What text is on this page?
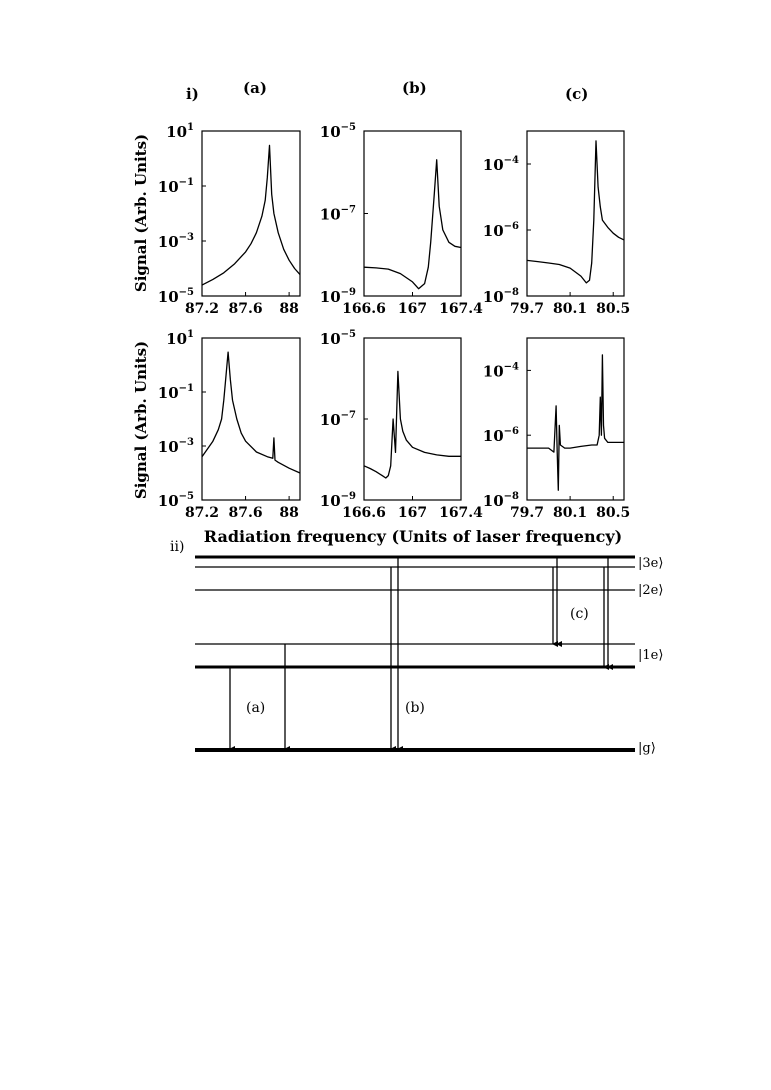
i)
ii)
(a)	(b)	(c)
Signal (Arb. Units)
Signal (Arb. Units)
Radiation frequency (Units of laser frequency)
87.2 87.6 88
$10^{-5}$
$10^{-3}$
$10^{-1}$
$10^1$
166.6 167 167.4
$10^{-9}$
$10^{-7}$
$10^{-5}$
79.7 80.1 80.5
$10^{-8}$
$10^{-6}$
$10^{-4}$
87.2 87.6 88
$10^{-5}$
$10^{-3}$
$10^{-1}$
$10^1$
166.6 167 167.4
$10^{-9}$
$10^{-7}$
$10^{-5}$
79.7 80.1 80.5
$10^{-8}$
$10^{-6}$
$10^{-4}$
(a)	(b)
(c)
|3e⟩
|2e⟩
|1e⟩
|g⟩
